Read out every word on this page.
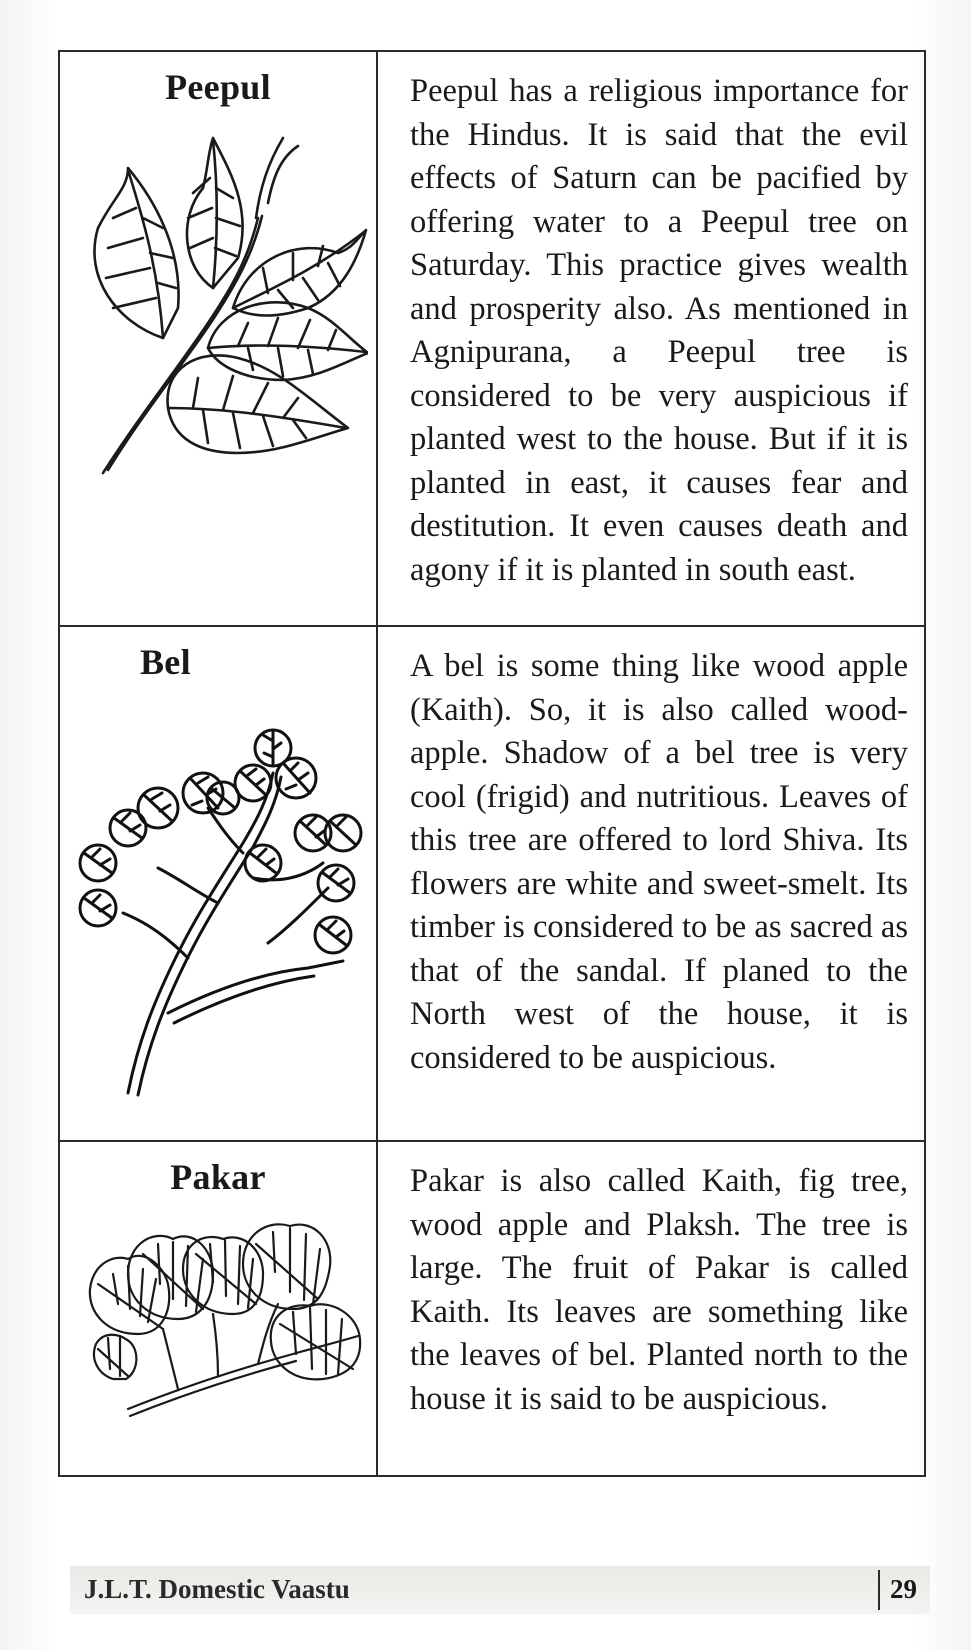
Peepul	Peepul has a religious importance for the Hindus. It is said that the evil effects of Saturn can be pacified by offering water to a Peepul tree on Saturday. This practice gives wealth and prosperity also. As mentioned in Agnipurana, a Peepul tree is considered to be very auspicious if planted west to the house. But if it is planted in east, it causes fear and destitution. It even causes death and agony if it is planted in south east.

Bel	A bel is some thing like wood apple (Kaith). So, it is also called wood-apple. Shadow of a bel tree is very cool (frigid) and nutritious. Leaves of this tree are offered to lord Shiva. Its flowers are white and sweet-smelt. Its timber is considered to be as sacred as that of the sandal. If planed to the North west of the house, it is considered to be auspicious.

Pakar	Pakar is also called Kaith, fig tree, wood apple and Plaksh. The tree is large. The fruit of Pakar is called Kaith. Its leaves are something like the leaves of bel. Planted north to the house it is said to be auspicious.

J.L.T. Domestic Vaastu	29
